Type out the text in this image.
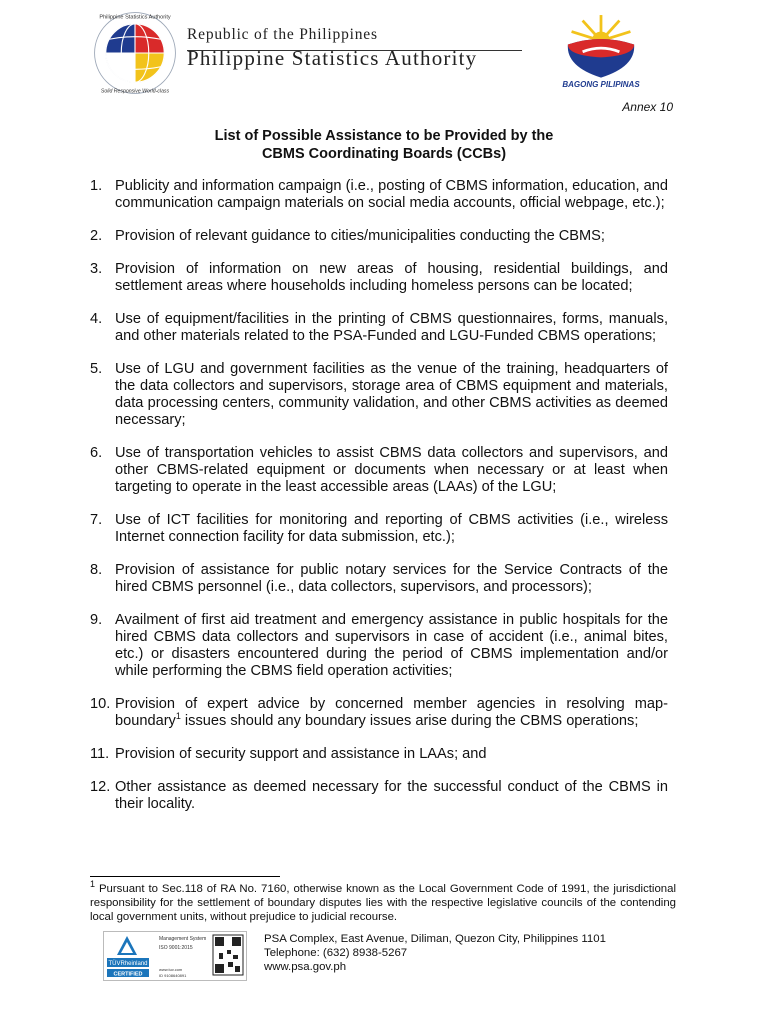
Philippine Statistics Authority
Solid Responsive World-class
Republic of the Philippines
Philippine Statistics Authority
BAGONG PILIPINAS
Annex 10
List of Possible Assistance to be Provided by the
CBMS Coordinating Boards (CCBs)
1. Publicity and information campaign (i.e., posting of CBMS information, education, and communication campaign materials on social media accounts, official webpage, etc.);
2. Provision of relevant guidance to cities/municipalities conducting the CBMS;
3. Provision of information on new areas of housing, residential buildings, and settlement areas where households including homeless persons can be located;
4. Use of equipment/facilities in the printing of CBMS questionnaires, forms, manuals, and other materials related to the PSA-Funded and LGU-Funded CBMS operations;
5. Use of LGU and government facilities as the venue of the training, headquarters of the data collectors and supervisors, storage area of CBMS equipment and materials, data processing centers, community validation, and other CBMS activities as deemed necessary;
6. Use of transportation vehicles to assist CBMS data collectors and supervisors, and other CBMS-related equipment or documents when necessary or at least when targeting to operate in the least accessible areas (LAAs) of the LGU;
7. Use of ICT facilities for monitoring and reporting of CBMS activities (i.e., wireless Internet connection facility for data submission, etc.);
8. Provision of assistance for public notary services for the Service Contracts of the hired CBMS personnel (i.e., data collectors, supervisors, and processors);
9. Availment of first aid treatment and emergency assistance in public hospitals for the hired CBMS data collectors and supervisors in case of accident (i.e., animal bites, etc.) or disasters encountered during the period of CBMS implementation and/or while performing the CBMS field operation activities;
10. Provision of expert advice by concerned member agencies in resolving map-boundary$^1$ issues should any boundary issues arise during the CBMS operations;
11. Provision of security support and assistance in LAAs; and
12. Other assistance as deemed necessary for the successful conduct of the CBMS in their locality.
$^1$ Pursuant to Sec.118 of RA No. 7160, otherwise known as the Local Government Code of 1991, the jurisdictional responsibility for the settlement of boundary disputes lies with the respective legislative councils of the contending local government units, without prejudice to judicial recourse.
TÜVRheinland
CERTIFIED
Management System
ISO 9001:2015
www.tuv.com
ID 9108640891
PSA Complex, East Avenue, Diliman, Quezon City, Philippines 1101
Telephone: (632) 8938-5267
www.psa.gov.ph
